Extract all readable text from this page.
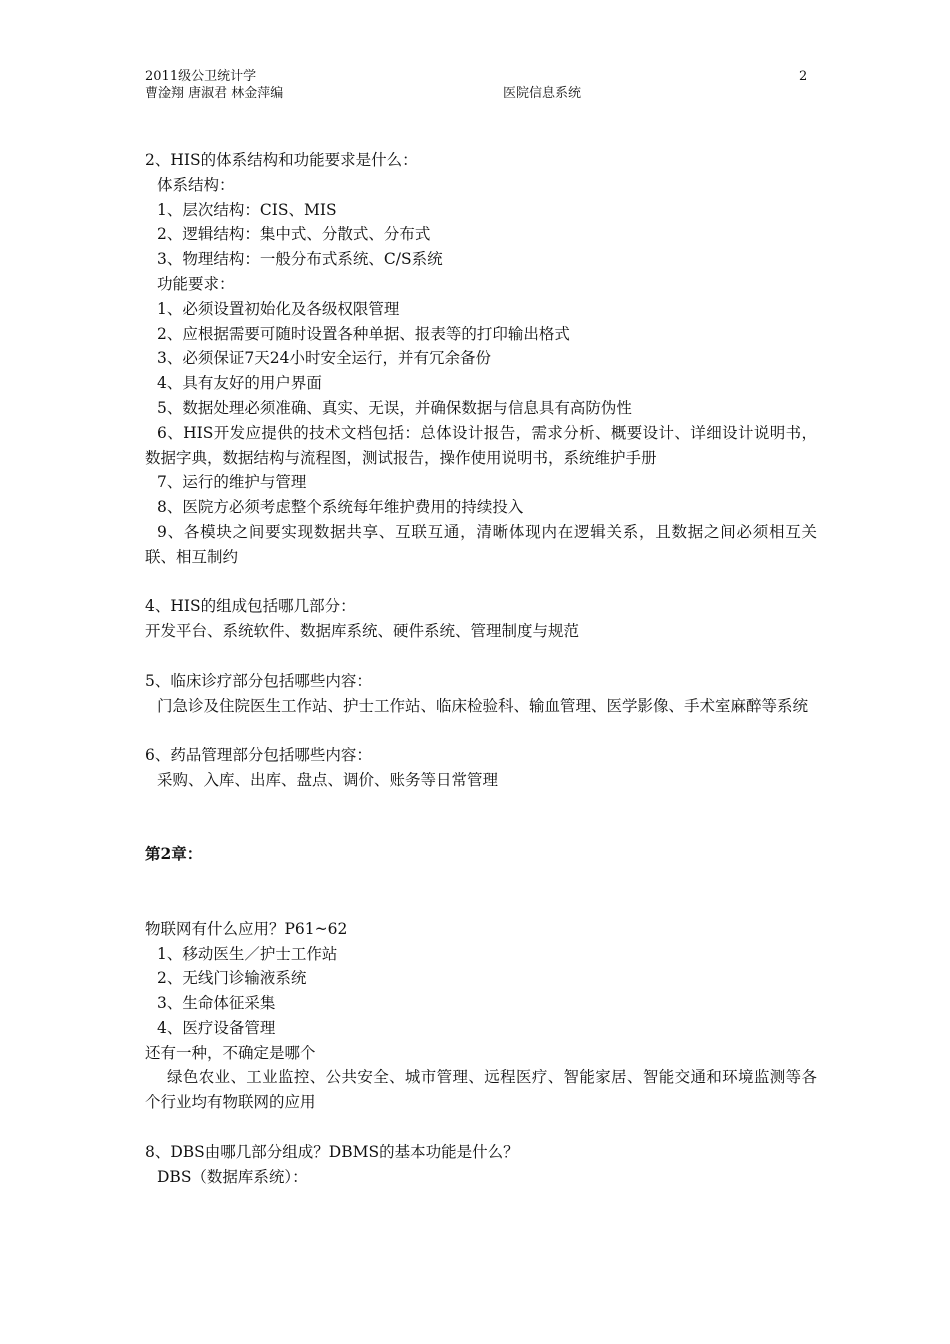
2011级公卫统计学
曹淦翔 唐淑君 林金萍编	医院信息系统
2
2、HIS的体系结构和功能要求是什么：
体系结构：
1、层次结构：CIS、MIS
2、逻辑结构：集中式、分散式、分布式
3、物理结构：一般分布式系统、C/S系统
功能要求：
1、必须设置初始化及各级权限管理
2、应根据需要可随时设置各种单据、报表等的打印输出格式
3、必须保证7天24小时安全运行，并有冗余备份
4、具有友好的用户界面
5、数据处理必须准确、真实、无误，并确保数据与信息具有高防伪性
6、HIS开发应提供的技术文档包括：总体设计报告，需求分析、概要设计、详细设计说明书，数据字典，数据结构与流程图，测试报告，操作使用说明书，系统维护手册
7、运行的维护与管理
8、医院方必须考虑整个系统每年维护费用的持续投入
9、各模块之间要实现数据共享、互联互通，清晰体现内在逻辑关系，且数据之间必须相互关联、相互制约
4、HIS的组成包括哪几部分：
开发平台、系统软件、数据库系统、硬件系统、管理制度与规范
5、临床诊疗部分包括哪些内容：
门急诊及住院医生工作站、护士工作站、临床检验科、输血管理、医学影像、手术室麻醉等系统
6、药品管理部分包括哪些内容：
采购、入库、出库、盘点、调价、账务等日常管理
第2章：
物联网有什么应用？P61~62
1、移动医生／护士工作站
2、无线门诊输液系统
3、生命体征采集
4、医疗设备管理
还有一种，不确定是哪个
绿色农业、工业监控、公共安全、城市管理、远程医疗、智能家居、智能交通和环境监测等各个行业均有物联网的应用
8、DBS由哪几部分组成？DBMS的基本功能是什么？
DBS（数据库系统）：
